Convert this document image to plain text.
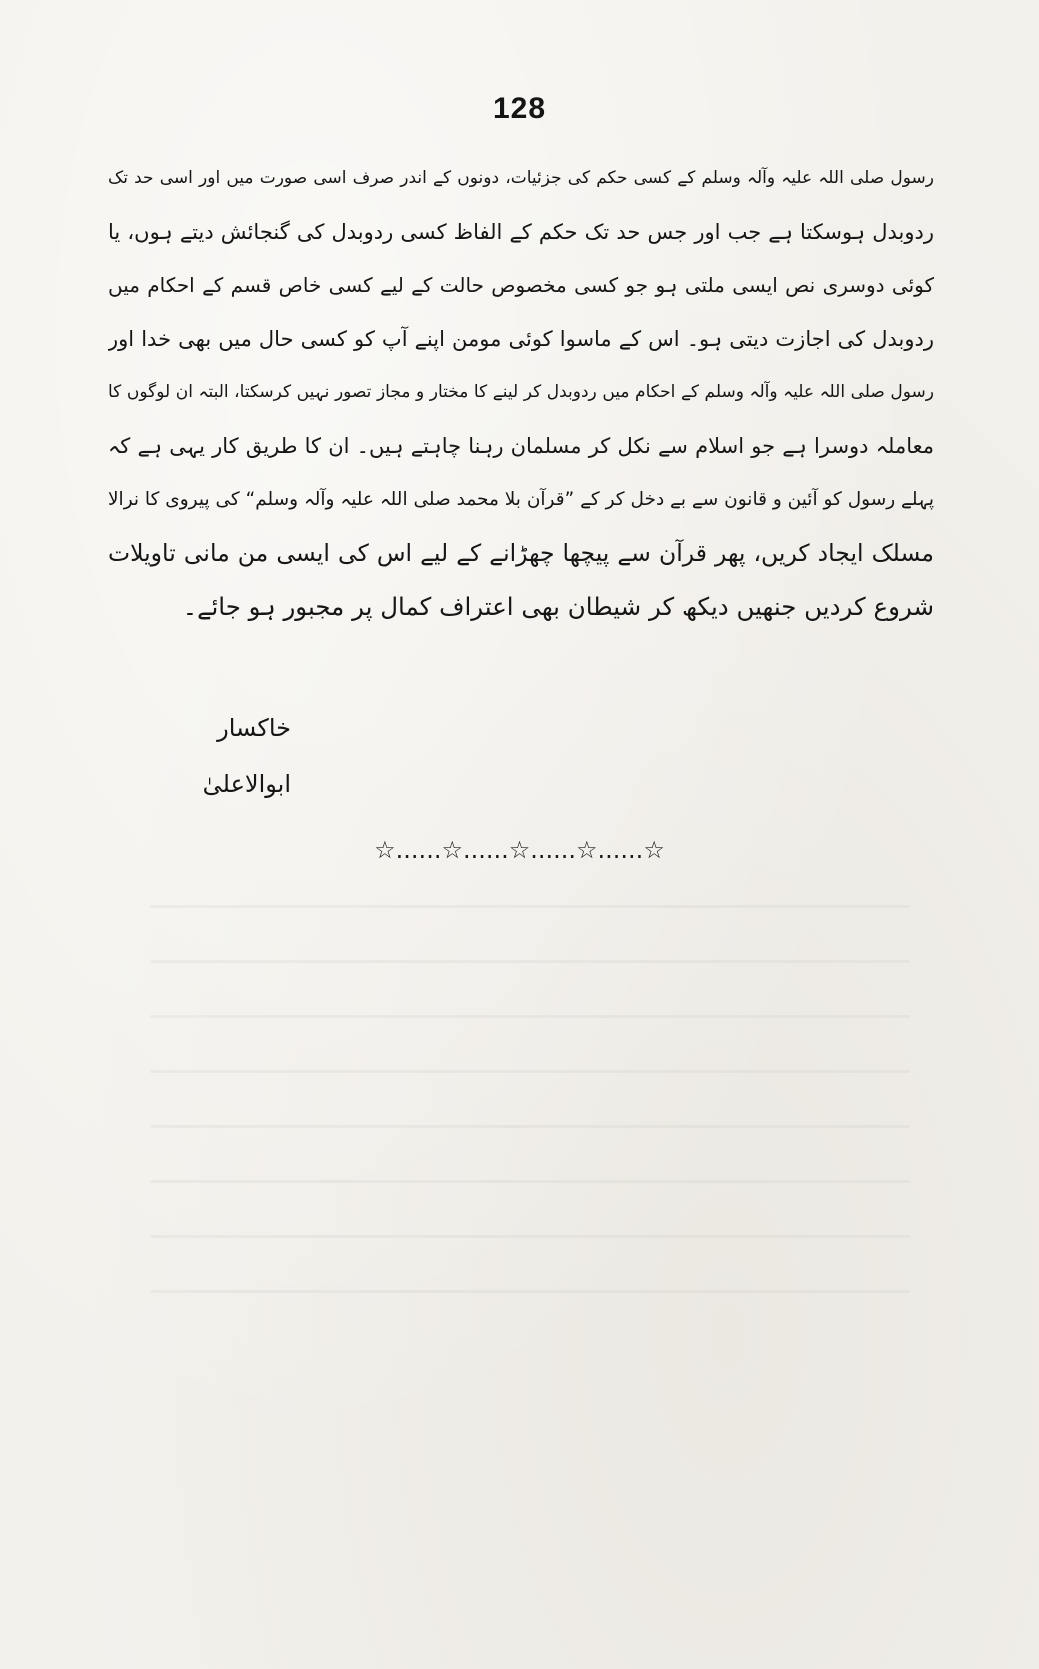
128
رسول صلی اللہ علیہ وآلہ وسلم کے کسی حکم کی جزئیات، دونوں کے اندر صرف اسی صورت میں اور اسی حد تک
ردوبدل ہوسکتا ہے جب اور جس حد تک حکم کے الفاظ کسی ردوبدل کی گنجائش دیتے ہوں، یا
کوئی دوسری نص ایسی ملتی ہو جو کسی مخصوص حالت کے لیے کسی خاص قسم کے احکام میں
ردوبدل کی اجازت دیتی ہو۔ اس کے ماسوا کوئی مومن اپنے آپ کو کسی حال میں بھی خدا اور
رسول صلی اللہ علیہ وآلہ وسلم کے احکام میں ردوبدل کر لینے کا مختار و مجاز تصور نہیں کرسکتا، البتہ ان لوگوں کا
معاملہ دوسرا ہے جو اسلام سے نکل کر مسلمان رہنا چاہتے ہیں۔ ان کا طریق کار یہی ہے کہ
پہلے رسول کو آئین و قانون سے بے دخل کر کے ”قرآن بلا محمد صلی اللہ علیہ وآلہ وسلم“ کی پیروی کا نرالا
مسلک ایجاد کریں، پھر قرآن سے پیچھا چھڑانے کے لیے اس کی ایسی من مانی تاویلات
شروع کردیں جنھیں دیکھ کر شیطان بھی اعتراف کمال پر مجبور ہو جائے۔
خاکسار
ابوالاعلیٰ
☆......☆......☆......☆......☆
